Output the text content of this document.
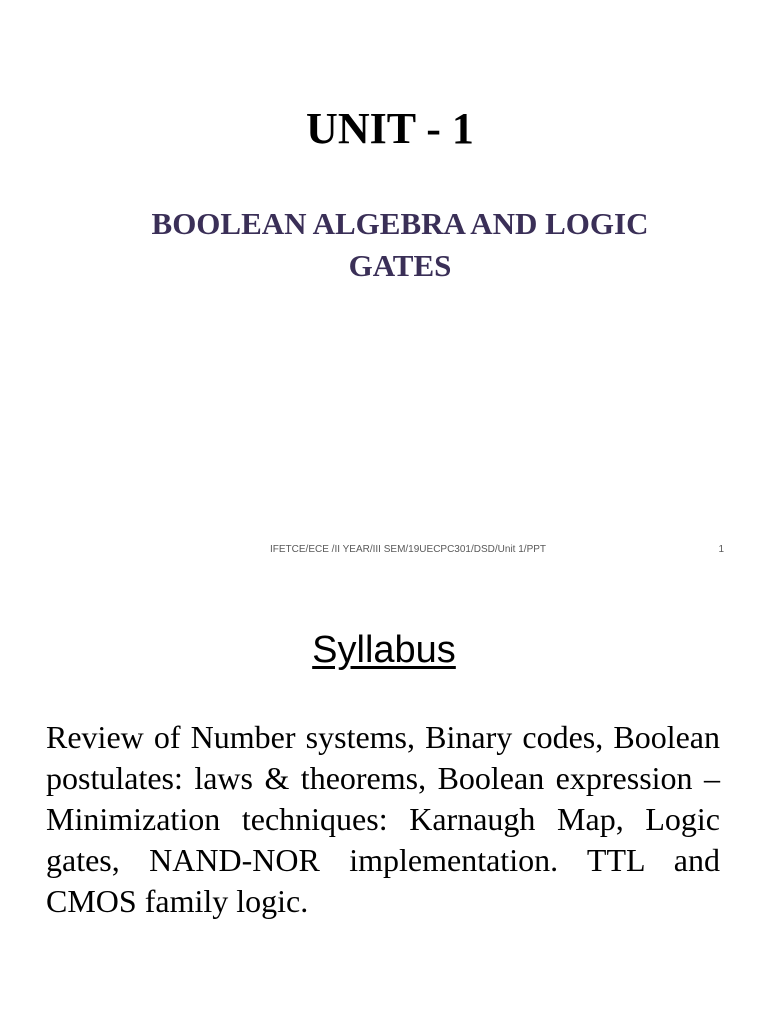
UNIT - 1
BOOLEAN ALGEBRA AND LOGIC GATES
IFETCE/ECE /II YEAR/III SEM/19UECPC301/DSD/Unit 1/PPT	1
Syllabus

Review of Number systems, Binary codes, Boolean postulates: laws & theorems, Boolean expression – Minimization techniques: Karnaugh Map, Logic gates, NAND-NOR implementation. TTL and CMOS family logic.
